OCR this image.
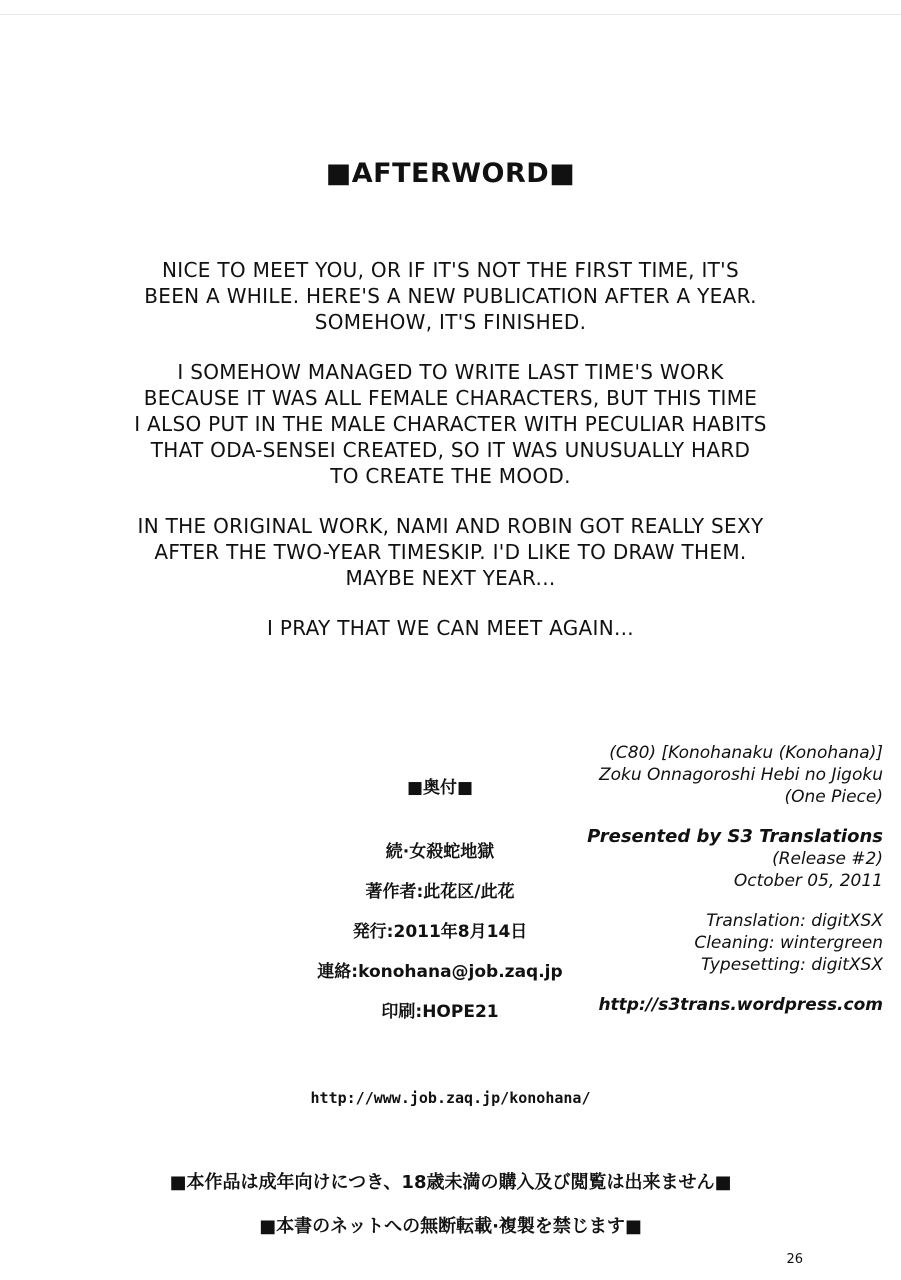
■AFTERWORD■

NICE TO MEET YOU, OR IF IT'S NOT THE FIRST TIME, IT'S
BEEN A WHILE. HERE'S A NEW PUBLICATION AFTER A YEAR.
SOMEHOW, IT'S FINISHED.

I SOMEHOW MANAGED TO WRITE LAST TIME'S WORK
BECAUSE IT WAS ALL FEMALE CHARACTERS, BUT THIS TIME
I ALSO PUT IN THE MALE CHARACTER WITH PECULIAR HABITS
THAT ODA-SENSEI CREATED, SO IT WAS UNUSUALLY HARD
TO CREATE THE MOOD.

IN THE ORIGINAL WORK, NAMI AND ROBIN GOT REALLY SEXY
AFTER THE TWO-YEAR TIMESKIP. I'D LIKE TO DRAW THEM.
MAYBE NEXT YEAR...

I PRAY THAT WE CAN MEET AGAIN...

■奥付■
続·女殺蛇地獄
著作者:此花区/此花
発行:2011年8月14日
連絡:konohana@job.zaq.jp
印刷:HOPE21
(C80) [Konohanaku (Konohana)]
Zoku Onnagoroshi Hebi no Jigoku
(One Piece)
Presented by S3 Translations
(Release #2)
October 05, 2011
Translation: digitXSX
Cleaning: wintergreen
Typesetting: digitXSX
http://s3trans.wordpress.com
http://www.job.zaq.jp/konohana/
■本作品は成年向けにつき、18歳未満の購入及び閲覧は出来ません■
■本書のネットへの無断転載·複製を禁じます■
26
